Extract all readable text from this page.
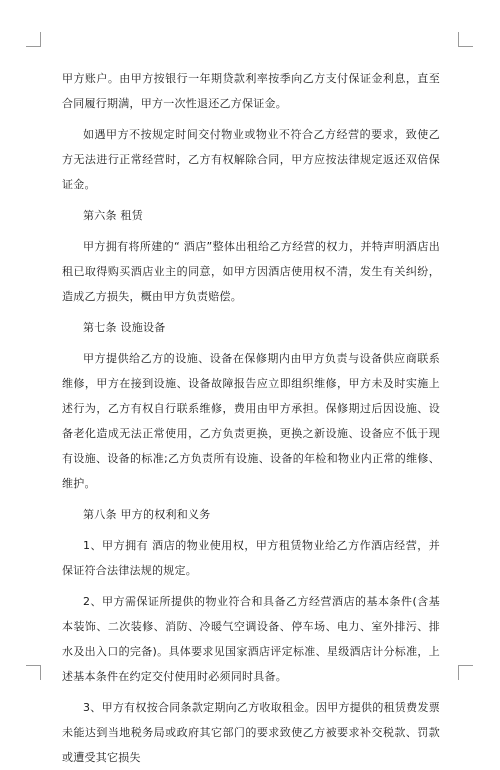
甲方账户。由甲方按银行一年期贷款利率按季向乙方支付保证金利息，直至合同履行期满，甲方一次性退还乙方保证金。

如遇甲方不按规定时间交付物业或物业不符合乙方经营的要求，致使乙方无法进行正常经营时，乙方有权解除合同，甲方应按法律规定返还双倍保证金。

第六条 租赁

甲方拥有将所建的“ 酒店”整体出租给乙方经营的权力，并特声明酒店出租已取得购买酒店业主的同意，如甲方因酒店使用权不清，发生有关纠纷，造成乙方损失，概由甲方负责赔偿。

第七条 设施设备

甲方提供给乙方的设施、设备在保修期内由甲方负责与设备供应商联系维修，甲方在接到设施、设备故障报告应立即组织维修，甲方未及时实施上述行为，乙方有权自行联系维修，费用由甲方承担。保修期过后因设施、设备老化造成无法正常使用，乙方负责更换，更换之新设施、设备应不低于现有设施、设备的标准;乙方负责所有设施、设备的年检和物业内正常的维修、维护。

第八条 甲方的权利和义务

1、甲方拥有 酒店的物业使用权，甲方租赁物业给乙方作酒店经营，并保证符合法律法规的规定。

2、甲方需保证所提供的物业符合和具备乙方经营酒店的基本条件(含基本装饰、二次装修、消防、冷暖气空调设备、停车场、电力、室外排污、排水及出入口的完备)。具体要求见国家酒店评定标准、星级酒店计分标准，上述基本条件在约定交付使用时必须同时具备。

3、甲方有权按合同条款定期向乙方收取租金。因甲方提供的租赁费发票未能达到当地税务局或政府其它部门的要求致使乙方被要求补交税款、罚款或遭受其它损失
